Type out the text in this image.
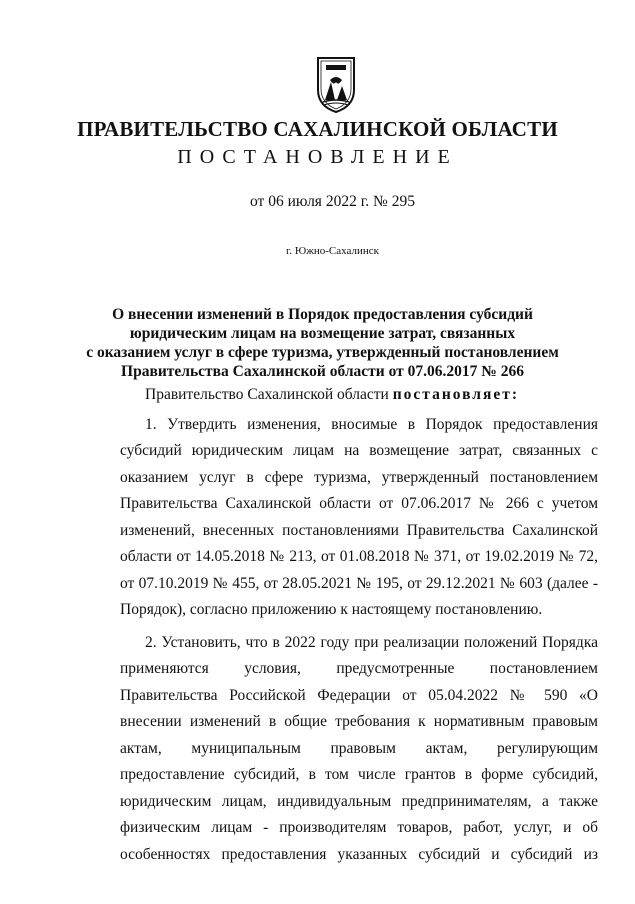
ПРАВИТЕЛЬСТВО САХАЛИНСКОЙ ОБЛАСТИ
ПОСТАНОВЛЕНИЕ
от 06 июля 2022 г. № 295
г. Южно-Сахалинск
О внесении изменений в Порядок предоставления субсидий
юридическим лицам на возмещение затрат, связанных
с оказанием услуг в сфере туризма, утвержденный постановлением
Правительства Сахалинской области от 07.06.2017 № 266
Правительство Сахалинской области постановляет:
1. Утвердить изменения, вносимые в Порядок предоставления субсидий юридическим лицам на возмещение затрат, связанных с оказанием услуг в сфере туризма, утвержденный постановлением Правительства Сахалинской области от 07.06.2017 № 266 с учетом изменений, внесенных постановлениями Правительства Сахалинской области от 14.05.2018 № 213, от 01.08.2018 № 371, от 19.02.2019 № 72, от 07.10.2019 № 455, от 28.05.2021 № 195, от 29.12.2021 № 603 (далее - Порядок), согласно приложению к настоящему постановлению.
2. Установить, что в 2022 году при реализации положений Порядка применяются условия, предусмотренные постановлением Правительства Российской Федерации от 05.04.2022 № 590 «О внесении изменений в общие требования к нормативным правовым актам, муниципальным правовым актам, регулирующим предоставление субсидий, в том числе грантов в форме субсидий, юридическим лицам, индивидуальным предпринимателям, а также физическим лицам - производителям товаров, работ, услуг, и об особенностях предоставления указанных субсидий и субсидий из
